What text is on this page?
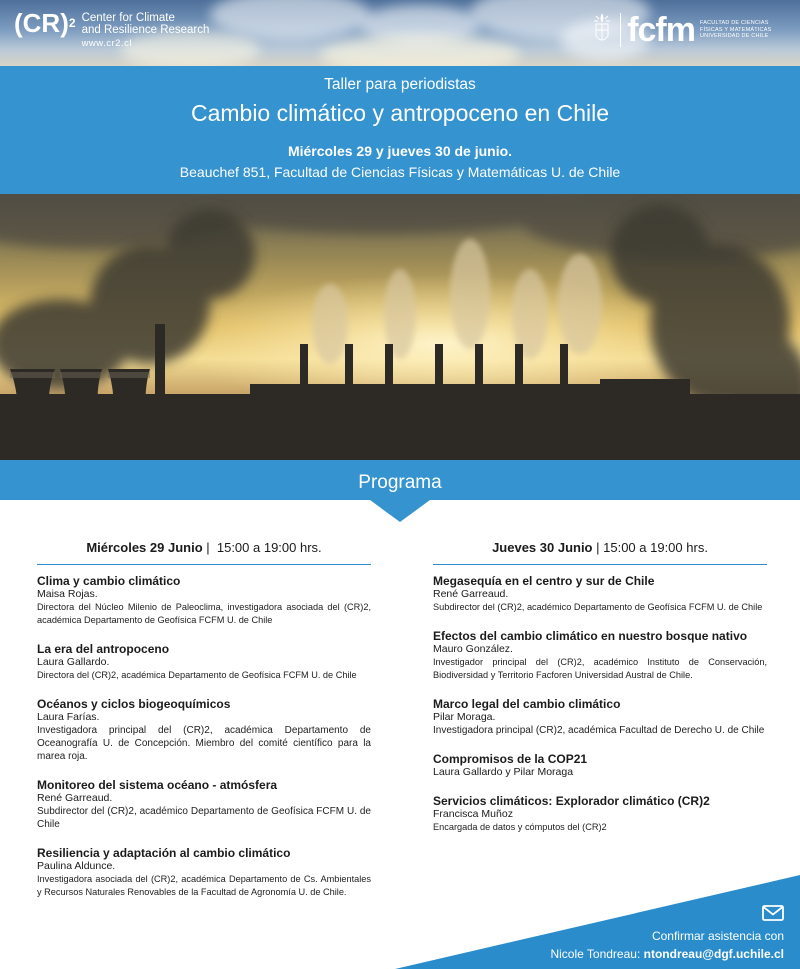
(CR)$^2$ Center for Climate
and Resilience Research
www.cr2.cl	fcfm FACULTAD DE CIENCIAS
FÍSICAS Y MATEMÁTICAS
UNIVERSIDAD DE CHILE
Taller para periodistas
Cambio climático y antropoceno en Chile
Miércoles 29 y jueves 30 de junio.
Beauchef 851, Facultad de Ciencias Físicas y Matemáticas U. de Chile
Programa
Miércoles 29 Junio |  15:00 a 19:00 hrs.
Clima y cambio climático
Maisa Rojas.
Directora del Núcleo Milenio de Paleoclima, investigadora asociada del (CR)2, académica Departamento de Geofísica FCFM U. de Chile
La era del antropoceno
Laura Gallardo.
Directora del (CR)2, académica Departamento de Geofísica FCFM U. de Chile
Océanos y ciclos biogeoquímicos
Laura Farías.
Investigadora principal del (CR)2, académica Departamento de Oceanografía U. de Concepción. Miembro del comité científico para la marea roja.
Monitoreo del sistema océano - atmósfera
René Garreaud.
Subdirector del (CR)2, académico Departamento de Geofísica FCFM U. de Chile
Resiliencia y adaptación al cambio climático
Paulina Aldunce.
Investigadora asociada del (CR)2, académica Departamento de Cs. Ambientales y Recursos Naturales Renovables de la Facultad de Agronomía U. de Chile.
Jueves 30 Junio | 15:00 a 19:00 hrs.
Megasequía en el centro y sur de Chile
René Garreaud.
Subdirector del (CR)2, académico Departamento de Geofísica FCFM U. de Chile
Efectos del cambio climático en nuestro bosque nativo
Mauro González.
Investigador principal del (CR)2, académico Instituto de Conservación, Biodiversidad y Territorio Facforen Universidad Austral de Chile.
Marco legal del cambio climático
Pilar Moraga.
Investigadora principal (CR)2, académica Facultad de Derecho U. de Chile
Compromisos de la COP21
Laura Gallardo y Pilar Moraga
Servicios climáticos: Explorador climático (CR)2
Francisca Muñoz
Encargada de datos y cómputos del (CR)2
Confirmar asistencia con
Nicole Tondreau: ntondreau@dgf.uchile.cl
